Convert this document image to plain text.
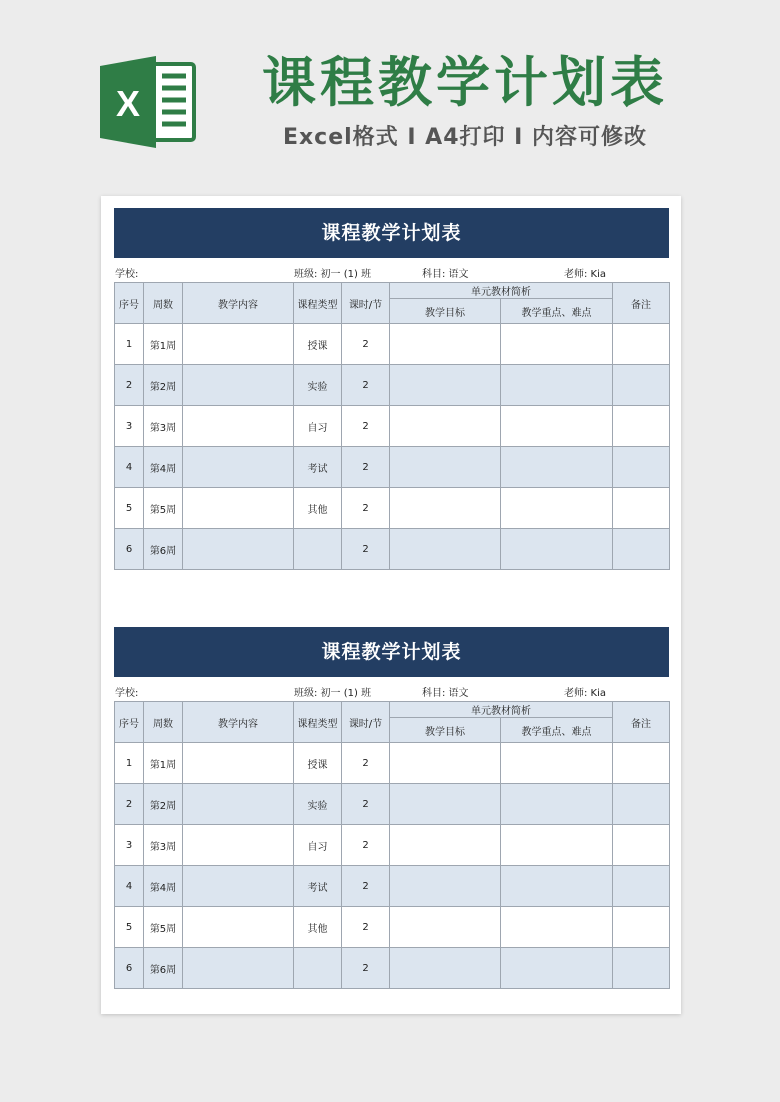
X	课程教学计划表
Excel格式 I A4打印 I 内容可修改
课程教学计划表
学校:	班级: 初一 (1) 班	科目: 语文	老师: Kia
序号	周数	教学内容	课程类型	课时/节	单元教材简析		备注
					教学目标	教学重点、难点	
1	第1周		授课	2			
2	第2周		实验	2			
3	第3周		自习	2			
4	第4周		考试	2			
5	第5周		其他	2			
6	第6周			2			
课程教学计划表
学校:	班级: 初一 (1) 班	科目: 语文	老师: Kia
序号	周数	教学内容	课程类型	课时/节	单元教材简析		备注
					教学目标	教学重点、难点	
1	第1周		授课	2			
2	第2周		实验	2			
3	第3周		自习	2			
4	第4周		考试	2			
5	第5周		其他	2			
6	第6周			2			
